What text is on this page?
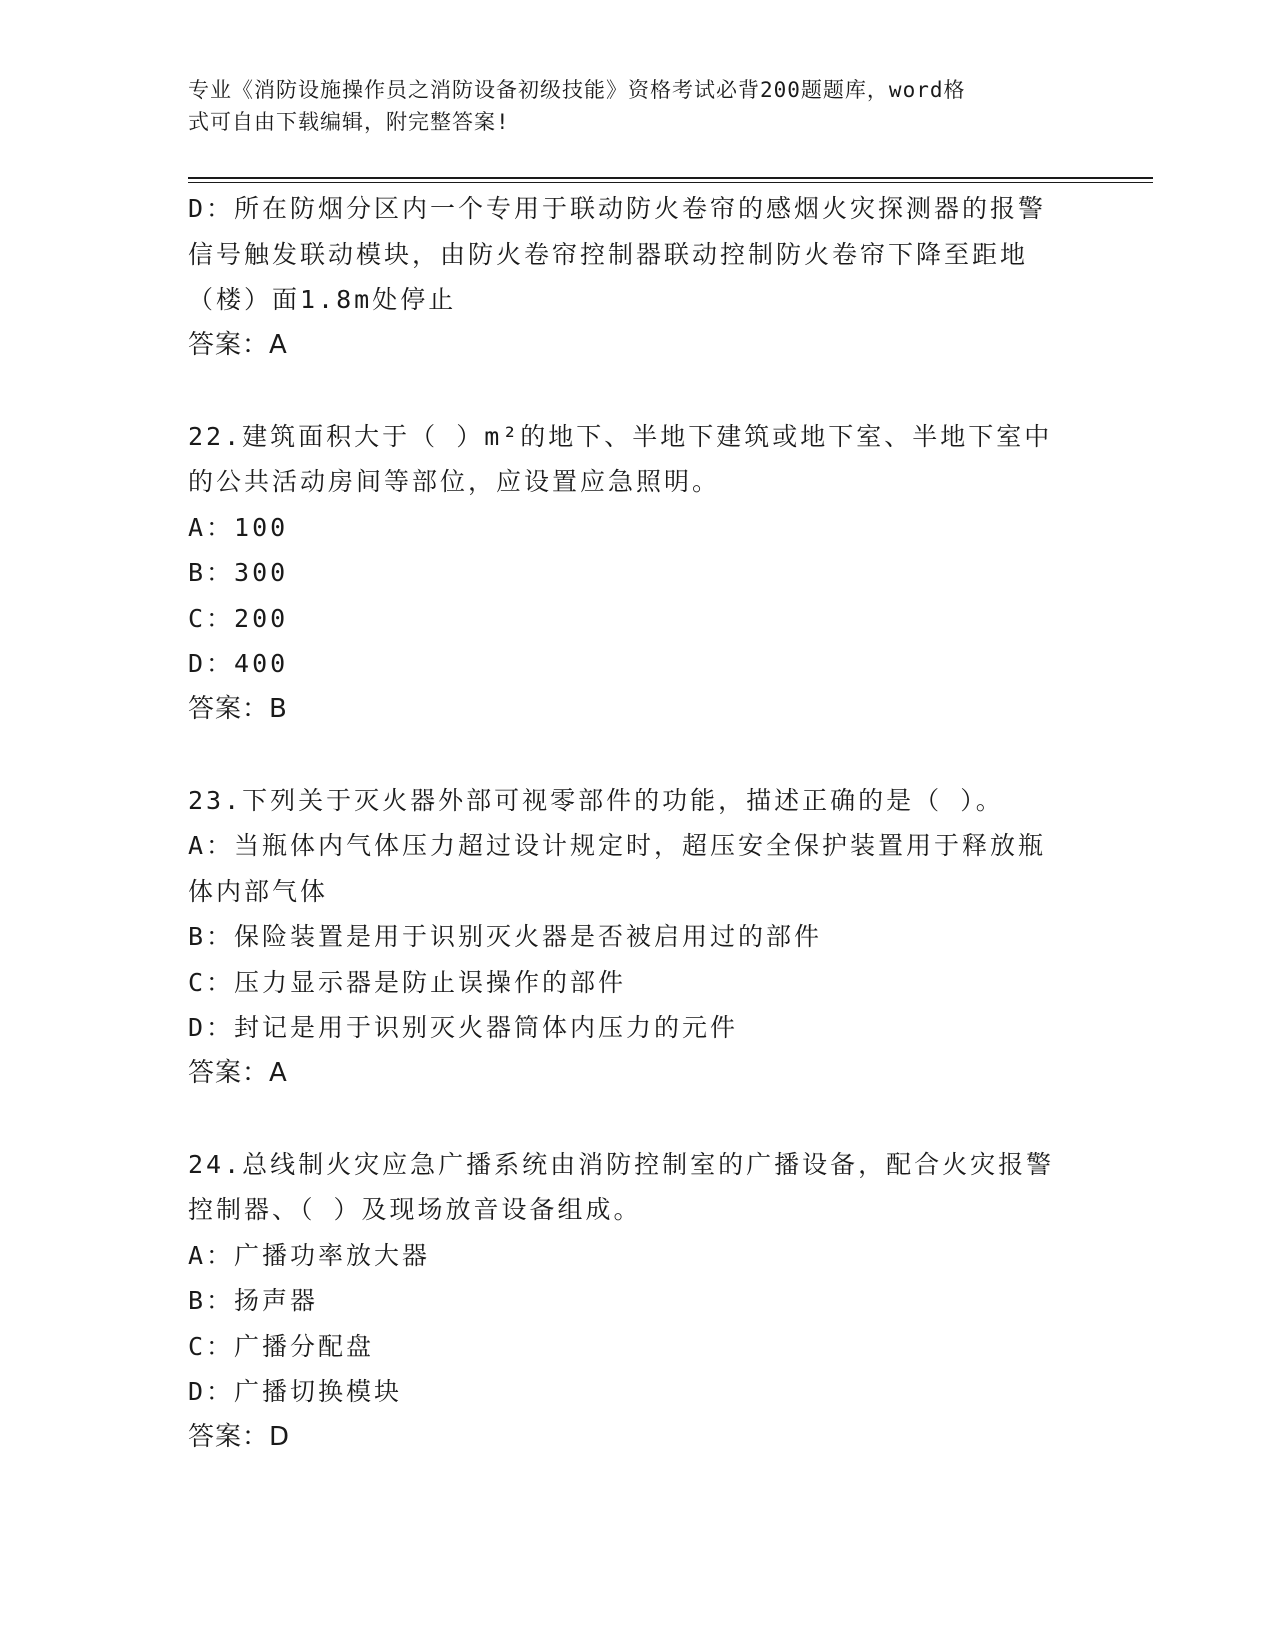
专业《消防设施操作员之消防设备初级技能》资格考试必背200题题库，word格
式可自由下载编辑，附完整答案!
D：所在防烟分区内一个专用于联动防火卷帘的感烟火灾探测器的报警
信号触发联动模块，由防火卷帘控制器联动控制防火卷帘下降至距地
（楼）面1.8m处停止
答案：A
22.建筑面积大于（ ）m²的地下、半地下建筑或地下室、半地下室中
的公共活动房间等部位，应设置应急照明。
A：100
B：300
C：200
D：400
答案：B
23.下列关于灭火器外部可视零部件的功能，描述正确的是（ ）。
A：当瓶体内气体压力超过设计规定时，超压安全保护装置用于释放瓶
体内部气体
B：保险装置是用于识别灭火器是否被启用过的部件
C：压力显示器是防止误操作的部件
D：封记是用于识别灭火器筒体内压力的元件
答案：A
24.总线制火灾应急广播系统由消防控制室的广播设备，配合火灾报警
控制器、（ ）及现场放音设备组成。
A：广播功率放大器
B：扬声器
C：广播分配盘
D：广播切换模块
答案：D
